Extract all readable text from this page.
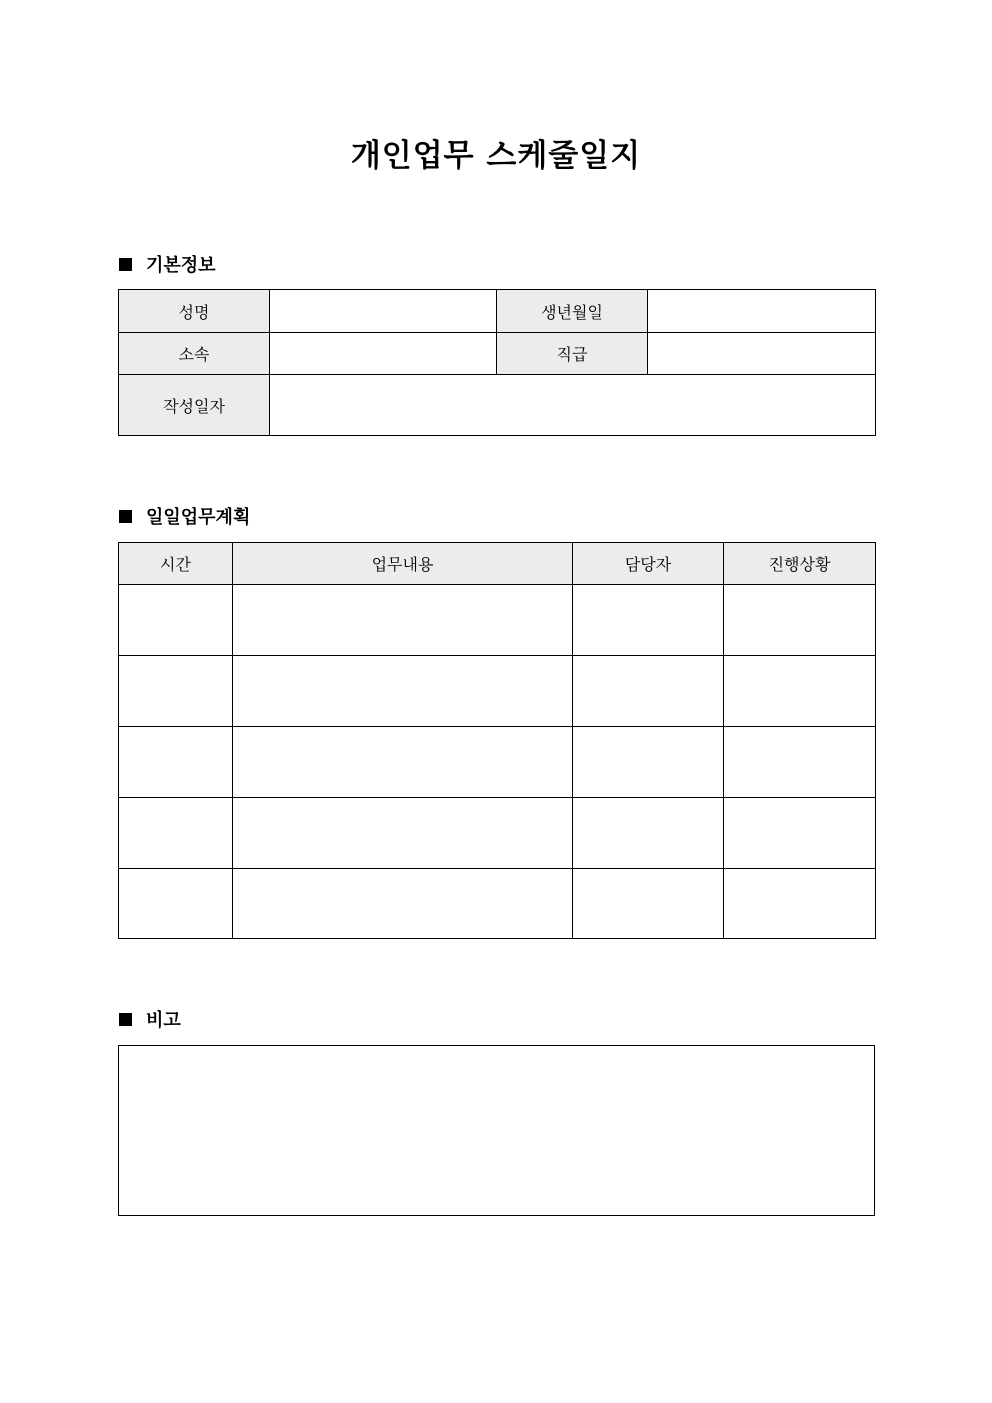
개인업무 스케줄일지
기본정보
성명		생년월일	
소속		직급	
작성일자			
일일업무계획
시간	업무내용	담당자	진행상황

비고
